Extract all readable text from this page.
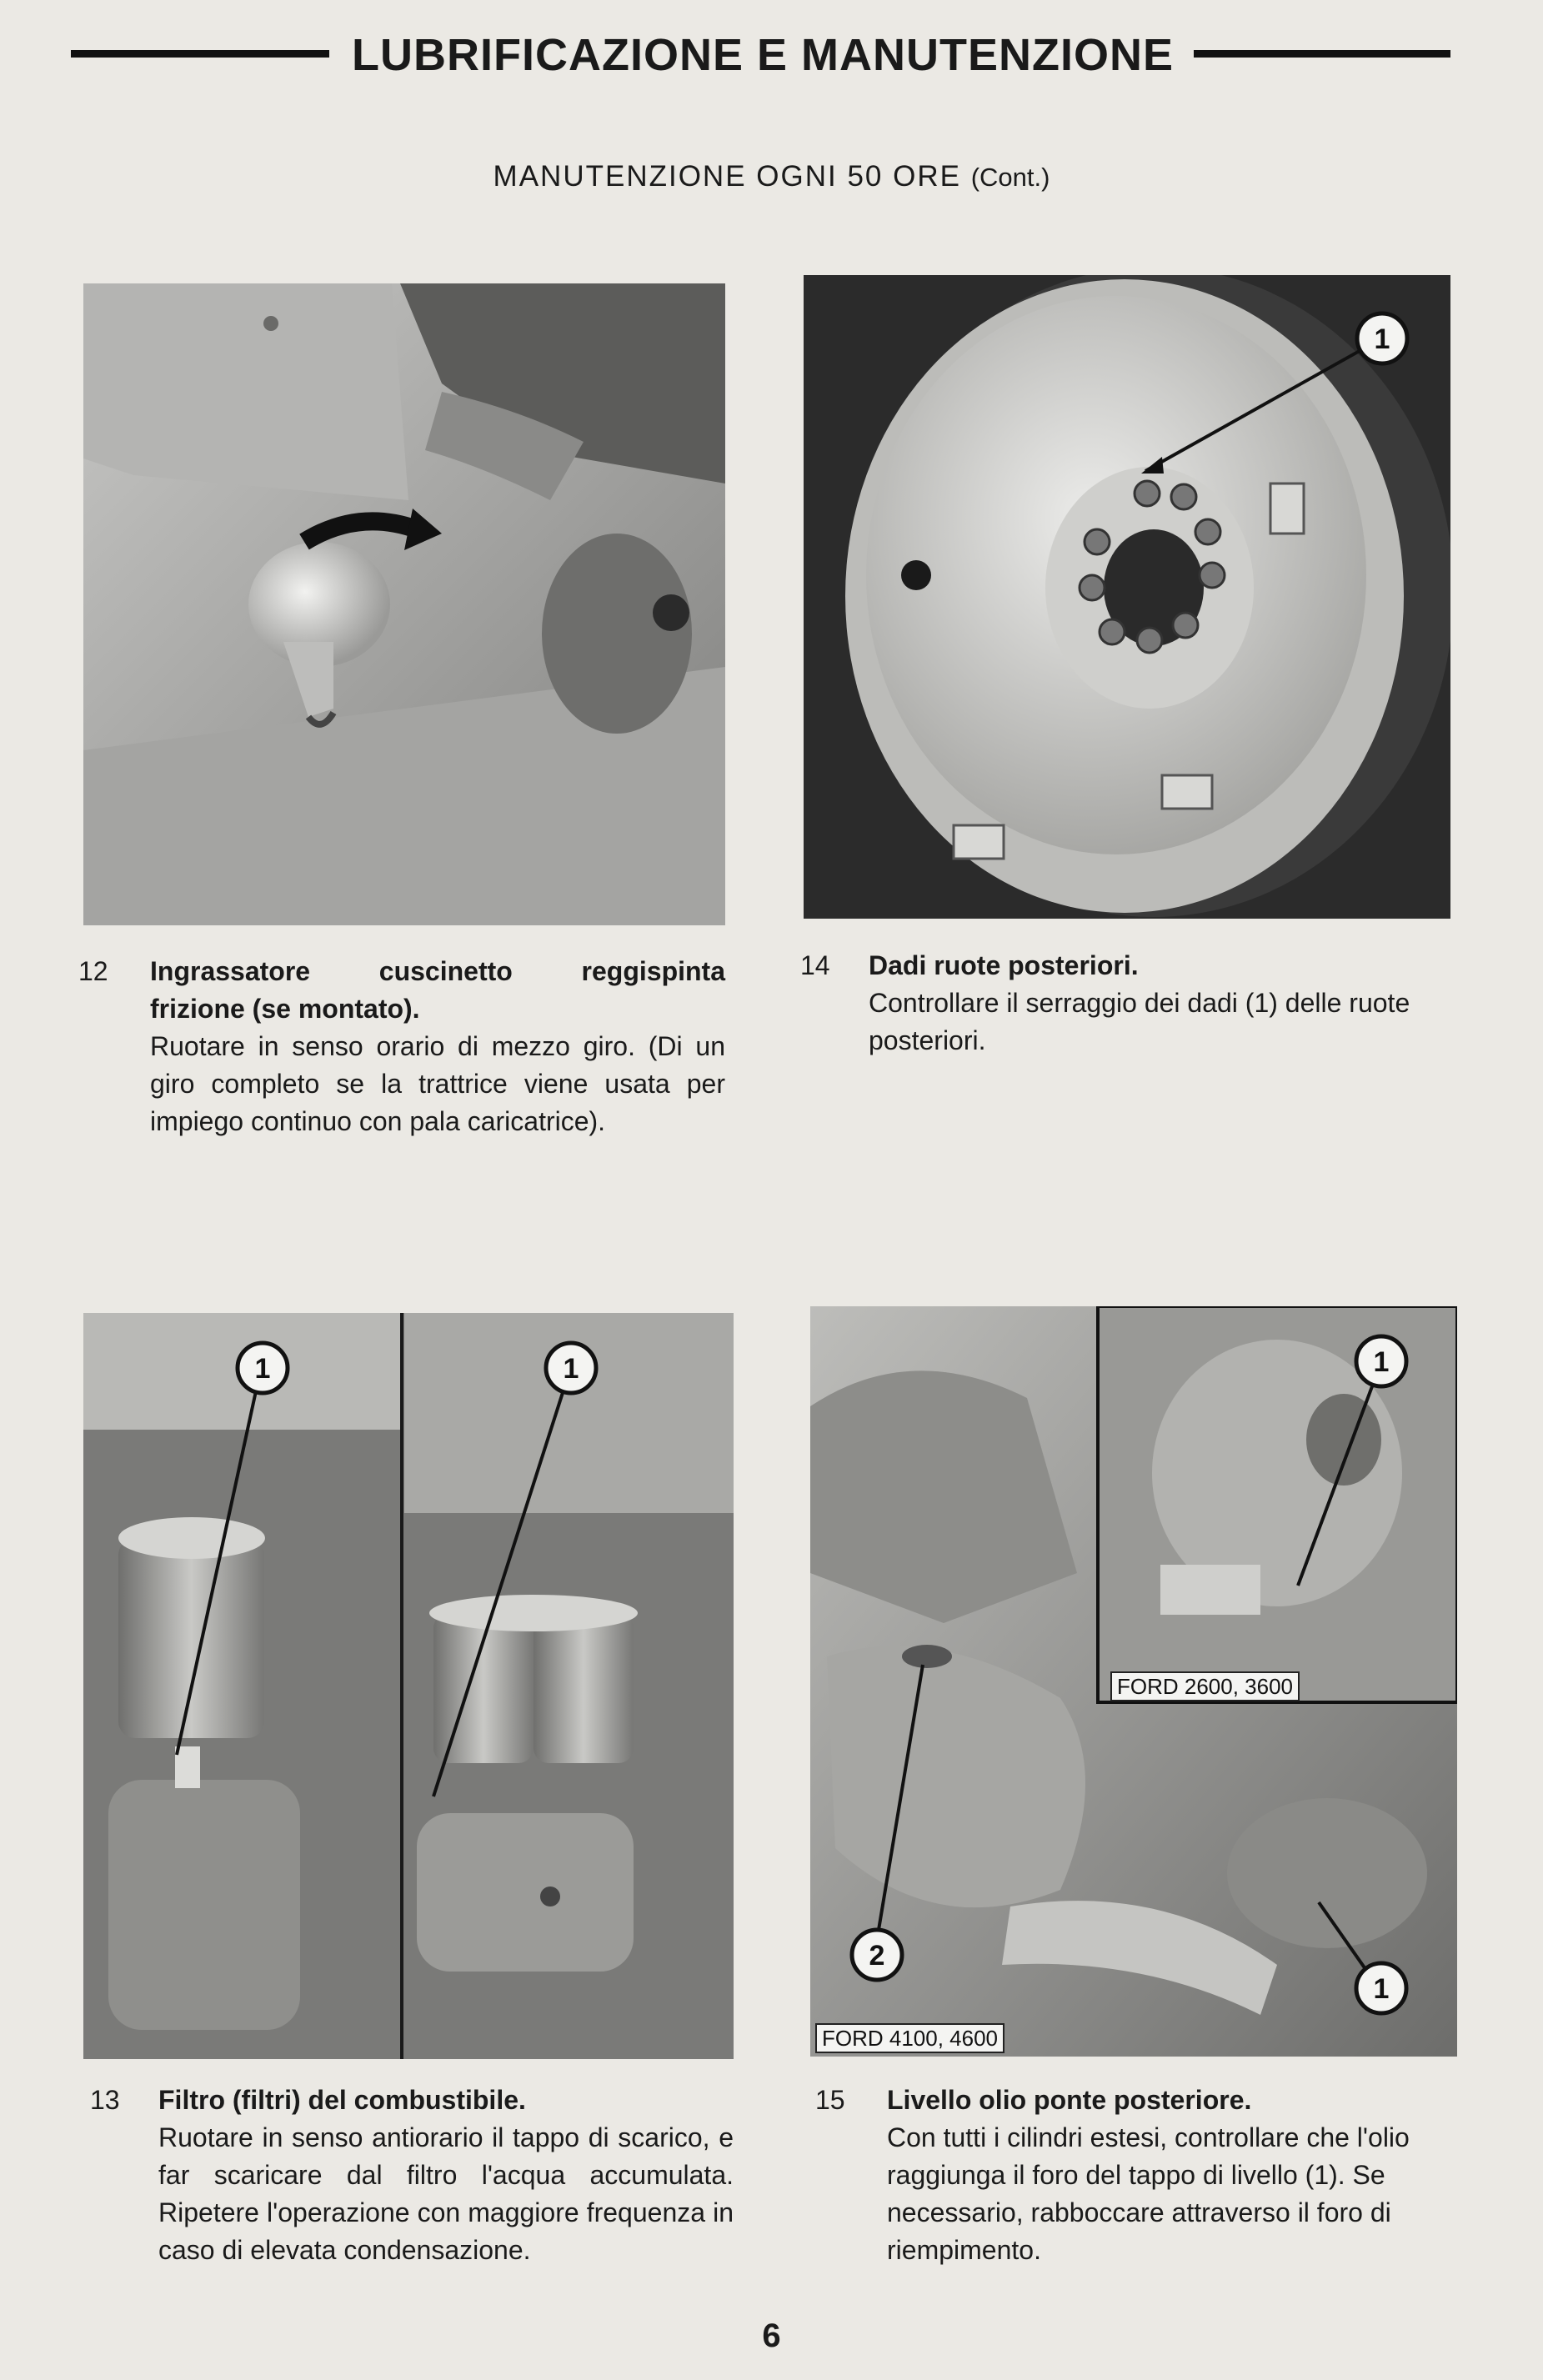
LUBRIFICAZIONE E MANUTENZIONE
MANUTENZIONE OGNI 50 ORE (Cont.)
1
12 Ingrassatore cuscinetto reggispinta

frizione (se montato).

Ruotare in senso orario di mezzo giro. (Di un giro completo se la trattrice viene usata per impiego continuo con pala caricatrice).

14 Dadi ruote posteriori.

Controllare il serraggio dei dadi (1) delle ruote posteriori.

1	1	1
1
2
FORD 2600, 3600
FORD 4100, 4600
13 Filtro (filtri) del combustibile.

Ruotare in senso antiorario il tappo di scarico, e far scaricare dal filtro l'acqua accumulata. Ripetere l'operazione con maggiore frequenza in caso di elevata condensazione.

15 Livello olio ponte posteriore.

Con tutti i cilindri estesi, controllare che l'olio raggiunga il foro del tappo di livello (1). Se necessario, rabboccare attraverso il foro di riempimento.

6
